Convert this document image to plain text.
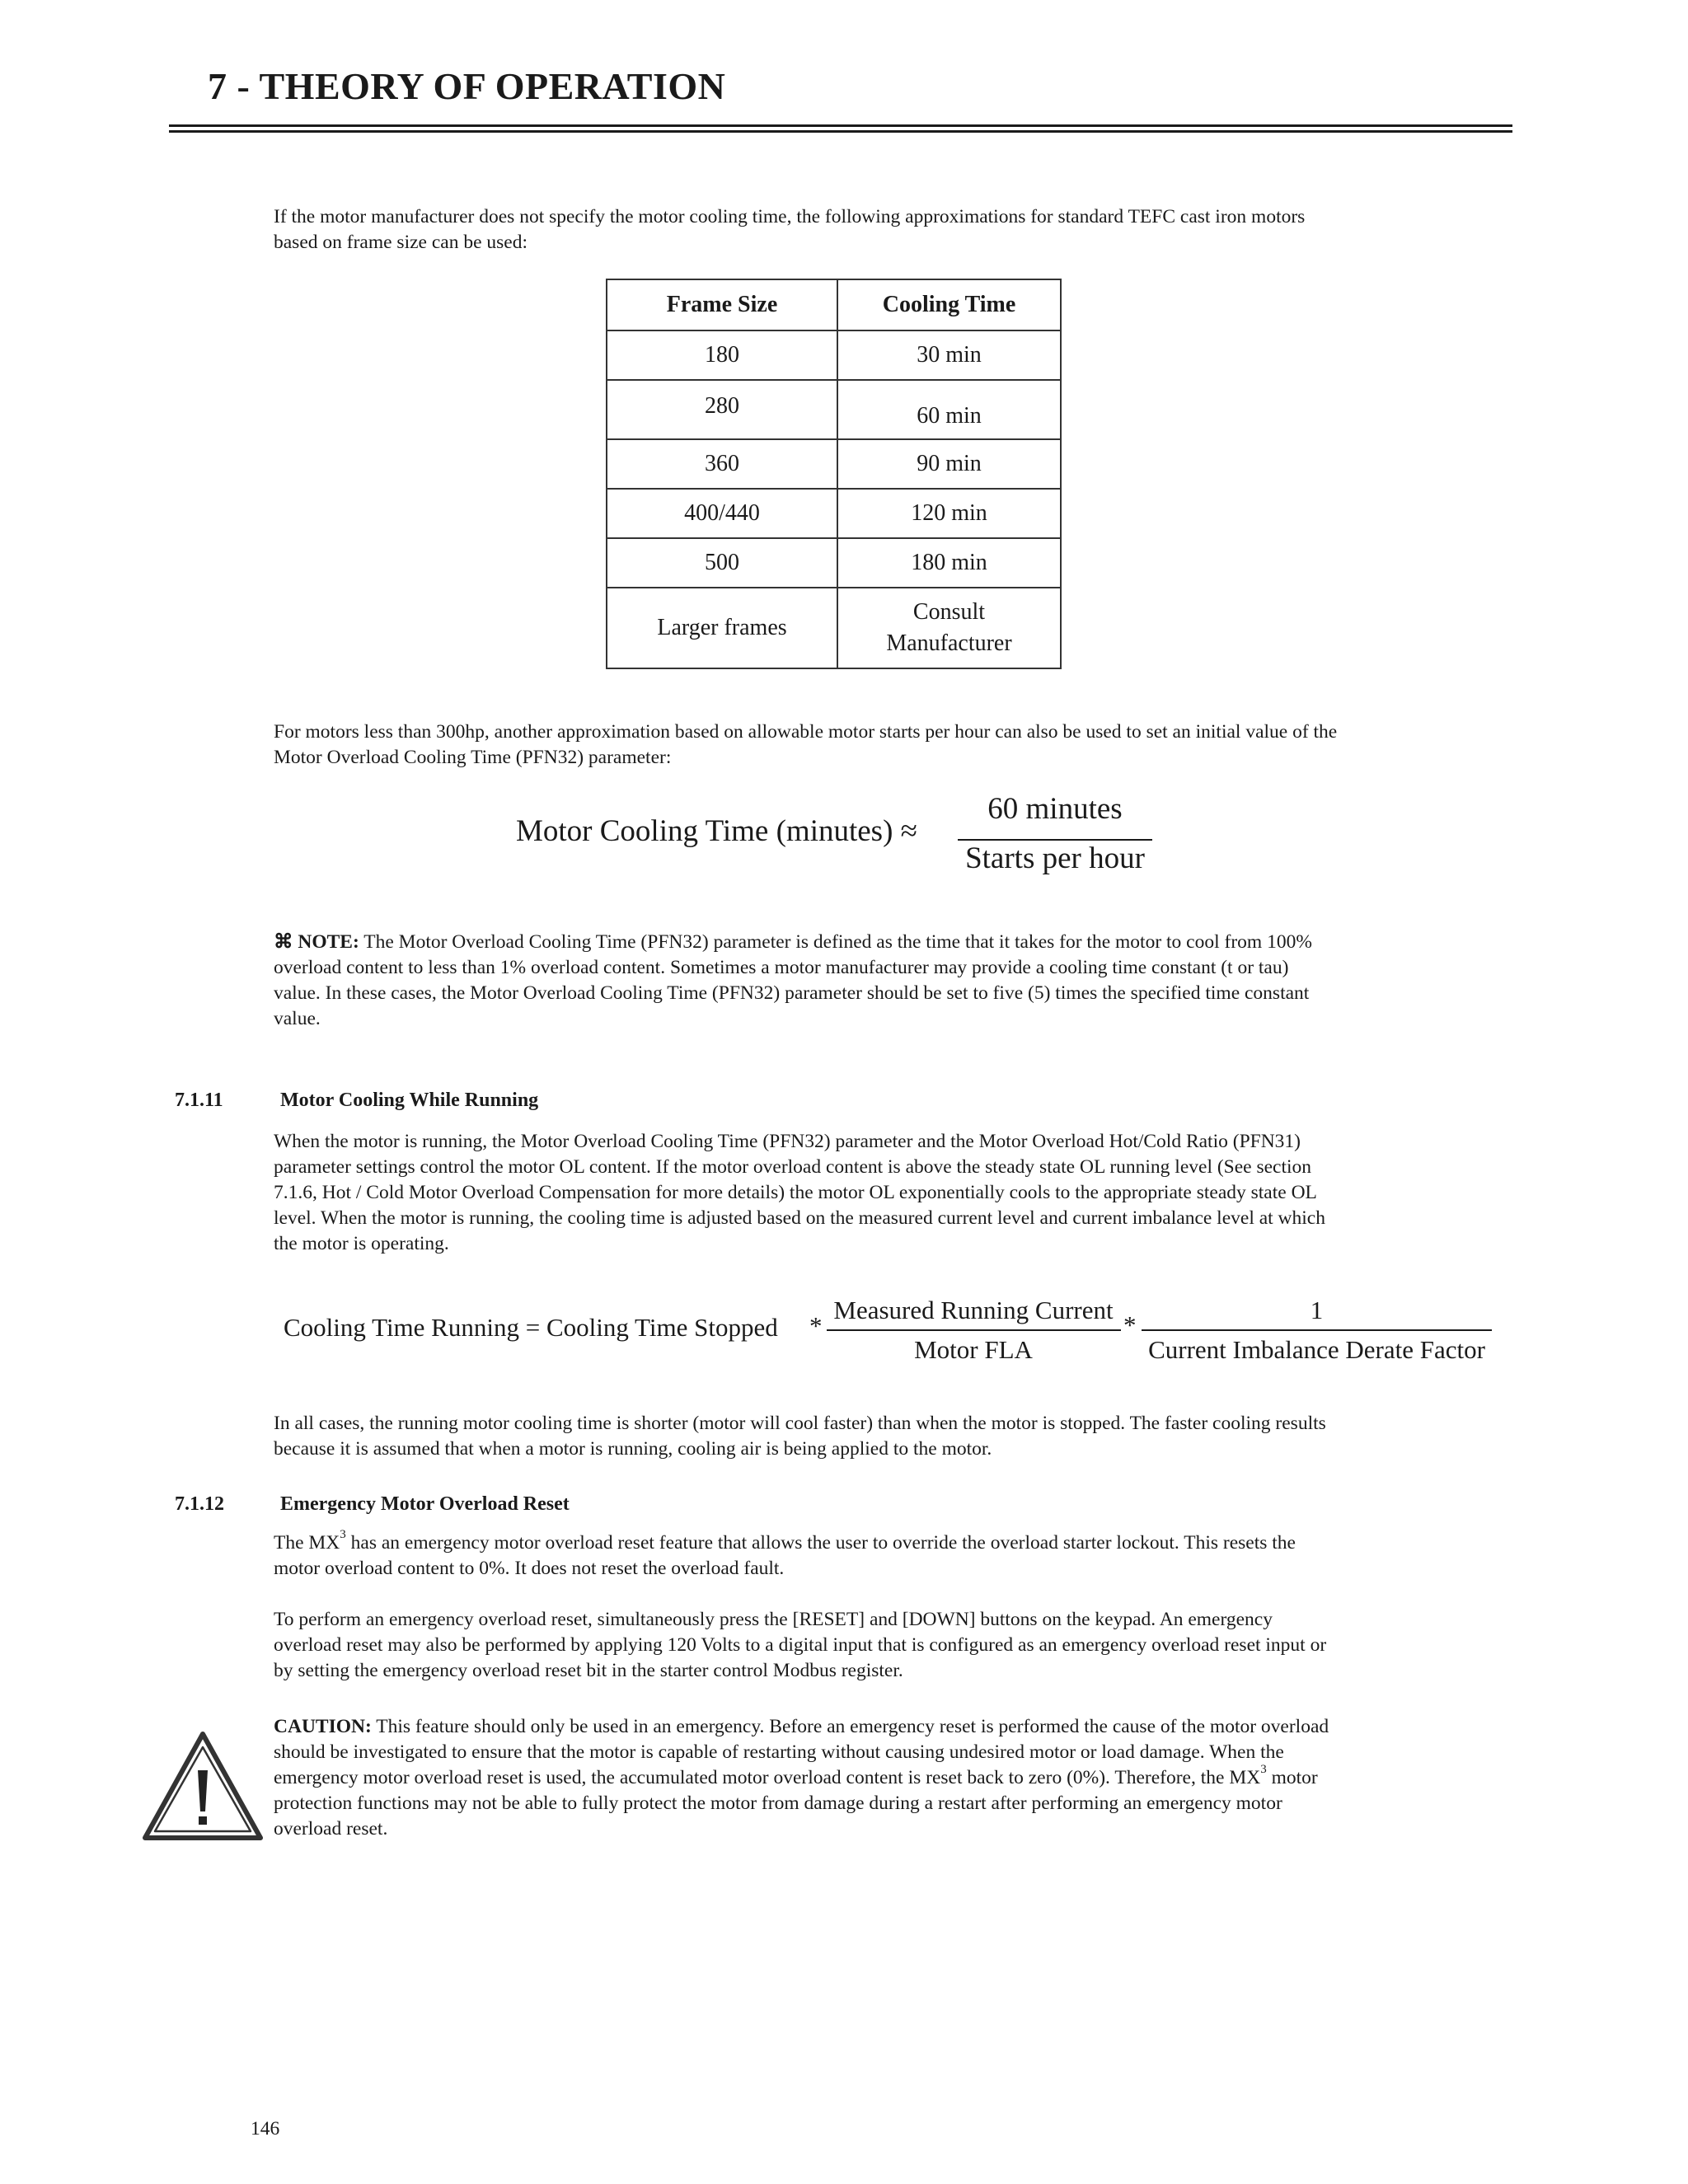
7 - THEORY OF OPERATION
If the motor manufacturer does not specify the motor cooling time, the following approximations for standard TEFC cast iron motors
based on frame size can be used:
Frame Size	Cooling Time
180	30 min
280	60 min
360	90 min
400/440	120 min
500	180 min
Larger frames	Consult
Manufacturer
For motors less than 300hp, another approximation based on allowable motor starts per hour can also be used to set an initial value of the
Motor Overload Cooling Time (PFN32) parameter:
Motor Cooling Time (minutes) ≈
60 minutes
Starts per hour
⌘ NOTE: The Motor Overload Cooling Time (PFN32) parameter is defined as the time that it takes for the motor to cool from 100%
overload content to less than 1% overload content. Sometimes a motor manufacturer may provide a cooling time constant (t or tau)
value. In these cases, the Motor Overload Cooling Time (PFN32) parameter should be set to five (5) times the specified time constant
value.
7.1.11	Motor Cooling While Running
When the motor is running, the Motor Overload Cooling Time (PFN32) parameter and the Motor Overload Hot/Cold Ratio (PFN31)
parameter settings control the motor OL content. If the motor overload content is above the steady state OL running level (See section
7.1.6, Hot / Cold Motor Overload Compensation for more details) the motor OL exponentially cools to the appropriate steady state OL
level. When the motor is running, the cooling time is adjusted based on the measured current level and current imbalance level at which
the motor is operating.
Cooling Time Running = Cooling Time Stopped *
Measured Running Current
Motor FLA
*
1
Current Imbalance Derate Factor
In all cases, the running motor cooling time is shorter (motor will cool faster) than when the motor is stopped. The faster cooling results
because it is assumed that when a motor is running, cooling air is being applied to the motor.
7.1.12	Emergency Motor Overload Reset
The $MX^3$ has an emergency motor overload reset feature that allows the user to override the overload starter lockout. This resets the
motor overload content to 0%. It does not reset the overload fault.
To perform an emergency overload reset, simultaneously press the [RESET] and [DOWN] buttons on the keypad. An emergency
overload reset may also be performed by applying 120 Volts to a digital input that is configured as an emergency overload reset input or
by setting the emergency overload reset bit in the starter control Modbus register.
CAUTION: This feature should only be used in an emergency. Before an emergency reset is performed the cause of the motor overload
should be investigated to ensure that the motor is capable of restarting without causing undesired motor or load damage. When the
emergency motor overload reset is used, the accumulated motor overload content is reset back to zero (0%). Therefore, the $MX^3$ motor
protection functions may not be able to fully protect the motor from damage during a restart after performing an emergency motor
overload reset.
146
